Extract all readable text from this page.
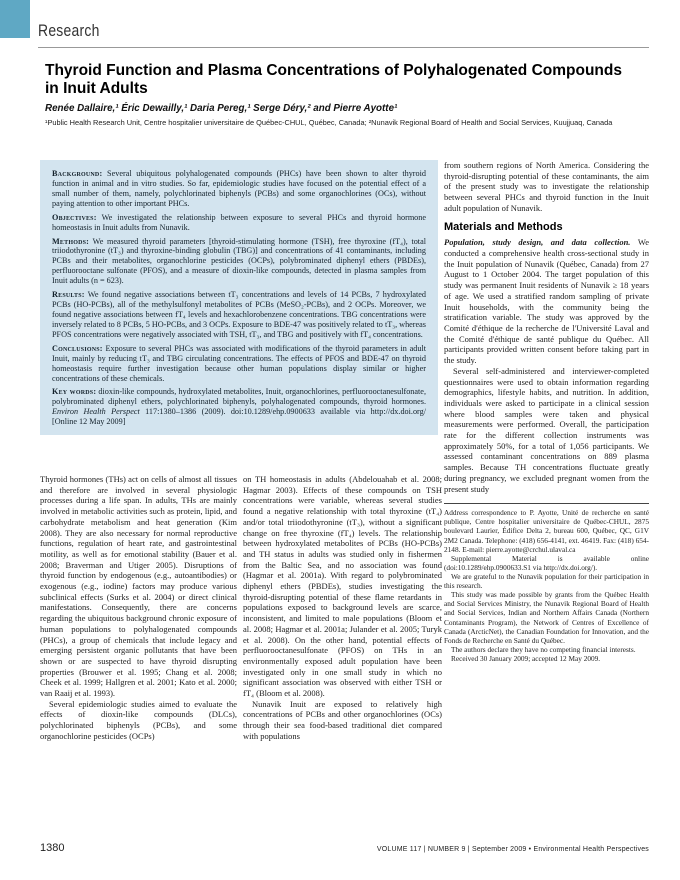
Research
Thyroid Function and Plasma Concentrations of Polyhalogenated Compounds in Inuit Adults
Renée Dallaire,¹ Éric Dewailly,¹ Daria Pereg,¹ Serge Déry,² and Pierre Ayotte¹
¹Public Health Research Unit, Centre hospitalier universitaire de Québec-CHUL, Québec, Canada; ²Nunavik Regional Board of Health and Social Services, Kuujjuaq, Canada

Background: Several ubiquitous polyhalogenated compounds (PHCs) have been shown to alter thyroid function in animal and in vitro studies. So far, epidemiologic studies have focused on the potential effect of a small number of them, namely, polychlorinated biphenyls (PCBs) and some organochlorines (OCs), without paying attention to other important PHCs.

Objectives: We investigated the relationship between exposure to several PHCs and thyroid hormone homeostasis in Inuit adults from Nunavik.

Methods: We measured thyroid parameters [thyroid-stimulating hormone (TSH), free thyroxine (fT₄), total triiodothyronine (tT₃) and thyroxine-binding globulin (TBG)] and concentrations of 41 contaminants, including PCBs and their metabolites, organochlorine pesticides (OCPs), polybrominated diphenyl ethers (PBDEs), perfluorooctane sulfonate (PFOS), and a measure of dioxin-like compounds, detected in plasma samples from Inuit adults (n = 623).

Results: We found negative associations between tT₃ concentrations and levels of 14 PCBs, 7 hydroxylated PCBs (HO-PCBs), all of the methylsulfonyl metabolites of PCBs (MeSO₂-PCBs), and 2 OCPs. Moreover, we found negative associations between fT₄ levels and hexachlorobenzene concentrations. TBG concentrations were inversely related to 8 PCBs, 5 HO-PCBs, and 3 OCPs. Exposure to BDE-47 was positively related to tT₃, whereas PFOS concentrations were negatively associated with TSH, tT₃, and TBG and positively with fT₄ concentrations.

Conclusions: Exposure to several PHCs was associated with modifications of the thyroid parameters in adult Inuit, mainly by reducing tT₃ and TBG circulating concentrations. The effects of PFOS and BDE-47 on thyroid homeostasis require further investigation because other human populations display similar or higher concentrations of these chemicals.

Key words: dioxin-like compounds, hydroxylated metabolites, Inuit, organochlorines, perfluorooctanesulfonate, polybrominated diphenyl ethers, polychlorinated biphenyls, polyhalogenated compounds, thyroid hormones. Environ Health Perspect 117:1380–1386 (2009). doi:10.1289/ehp.0900633 available via http://dx.doi.org/ [Online 12 May 2009]

Thyroid hormones (THs) act on cells of almost all tissues and therefore are involved in several physiologic processes during a life span. In adults, THs are mainly involved in metabolic activities such as protein, lipid, and carbohydrate metabolism and heat generation (Kim 2008). They are also necessary for normal reproductive functions, regulation of heart rate, and gastrointestinal motility, as well as for emotional stability (Bauer et al. 2008; Braverman and Utiger 2005). Disruptions of thyroid function by endogenous (e.g., autoantibodies) or exogenous (e.g., iodine) factors may produce various subclinical effects (Surks et al. 2004) or direct clinical manifestations. Consequently, there are concerns regarding the ubiquitous background chronic exposure of human populations to polyhalogenated compounds (PHCs), a group of chemicals that include legacy and emerging persistent organic pollutants that have been shown or are suspected to have thyroid disrupting properties (Brouwer et al. 1995; Chang et al. 2008; Cheek et al. 1999; Hallgren et al. 2001; Kato et al. 2000; van Raaij et al. 1993).

Several epidemiologic studies aimed to evaluate the effects of dioxin-like compounds (DLCs), polychlorinated biphenyls (PCBs), and some organochlorine pesticides (OCPs)

on TH homeostasis in adults (Abdelouahab et al. 2008; Hagmar 2003). Effects of these compounds on TSH concentrations were variable, whereas several studies found a negative relationship with total thyroxine (tT₄) and/or total triiodothyronine (tT₃), without a significant change on free thyroxine (fT₄) levels. The relationship between hydroxylated metabolites of PCBs (HO-PCBs) and TH status in adults was studied only in fishermen from the Baltic Sea, and no association was found (Hagmar et al. 2001a). With regard to polybrominated diphenyl ethers (PBDEs), studies investigating the thyroid-disrupting potential of these flame retardants in populations exposed to background levels are scarce, inconsistent, and limited to male populations (Bloom et al. 2008; Hagmar et al. 2001a; Julander et al. 2005; Turyk et al. 2008). On the other hand, potential effects of perfluorooctanesulfonate (PFOS) on THs in an environmentally exposed adult population have been investigated only in one small study in which no significant association was observed with either TSH or fT₄ (Bloom et al. 2008).

Nunavik Inuit are exposed to relatively high concentrations of PCBs and other organochlorines (OCs) through their sea food-based traditional diet compared with populations

from southern regions of North America. Considering the thyroid-disrupting potential of these contaminants, the aim of the present study was to investigate the relationship between several PHCs and thyroid function in the Inuit adult population of Nunavik.

Materials and Methods

Population, study design, and data collection. We conducted a comprehensive health cross-sectional study in the Inuit population of Nunavik (Québec, Canada) from 27 August to 1 October 2004. The target population of this study was permanent Inuit residents of Nunavik ≥ 18 years of age. We used a stratified random sampling of private Inuit households, with the community being the stratification variable. The study was approved by the Comité d'éthique de la recherche de l'Université Laval and the Comité d'éthique de santé publique du Québec. All participants provided written consent before taking part in the study.

Several self-administered and interviewer-completed questionnaires were used to obtain information regarding demographics, lifestyle habits, and nutrition. In addition, individuals were asked to participate in a clinical session where blood samples were taken and physical measurements were performed. Overall, the participation rate for the different collection instruments was approximately 50%, for a total of 1,056 participants. We assessed contaminant concentrations on 889 plasma samples. Because TH concentrations fluctuate greatly during pregnancy, we excluded pregnant women from the present study

Address correspondence to P. Ayotte, Unité de recherche en santé publique, Centre hospitalier universitaire de Québec-CHUL, 2875 boulevard Laurier, Édifice Delta 2, bureau 600, Québec, QC, G1V 2M2 Canada. Telephone: (418) 656-4141, ext. 46419. Fax: (418) 654-2148. E-mail: pierre.ayotte@crchul.ulaval.ca

Supplemental Material is available online (doi:10.1289/ehp.0900633.S1 via http://dx.doi.org/).

We are grateful to the Nunavik population for their participation in this research.

This study was made possible by grants from the Québec Health and Social Services Ministry, the Nunavik Regional Board of Health and Social Services, Indian and Northern Affairs Canada (Northern Contaminants Program), the Network of Centres of Excellence of Canada (ArcticNet), the Canadian Foundation for Innovation, and the Fonds de Recherche en Santé du Québec.

The authors declare they have no competing financial interests.

Received 30 January 2009; accepted 12 May 2009.

1380	VOLUME 117 | NUMBER 9 | September 2009 • Environmental Health Perspectives
